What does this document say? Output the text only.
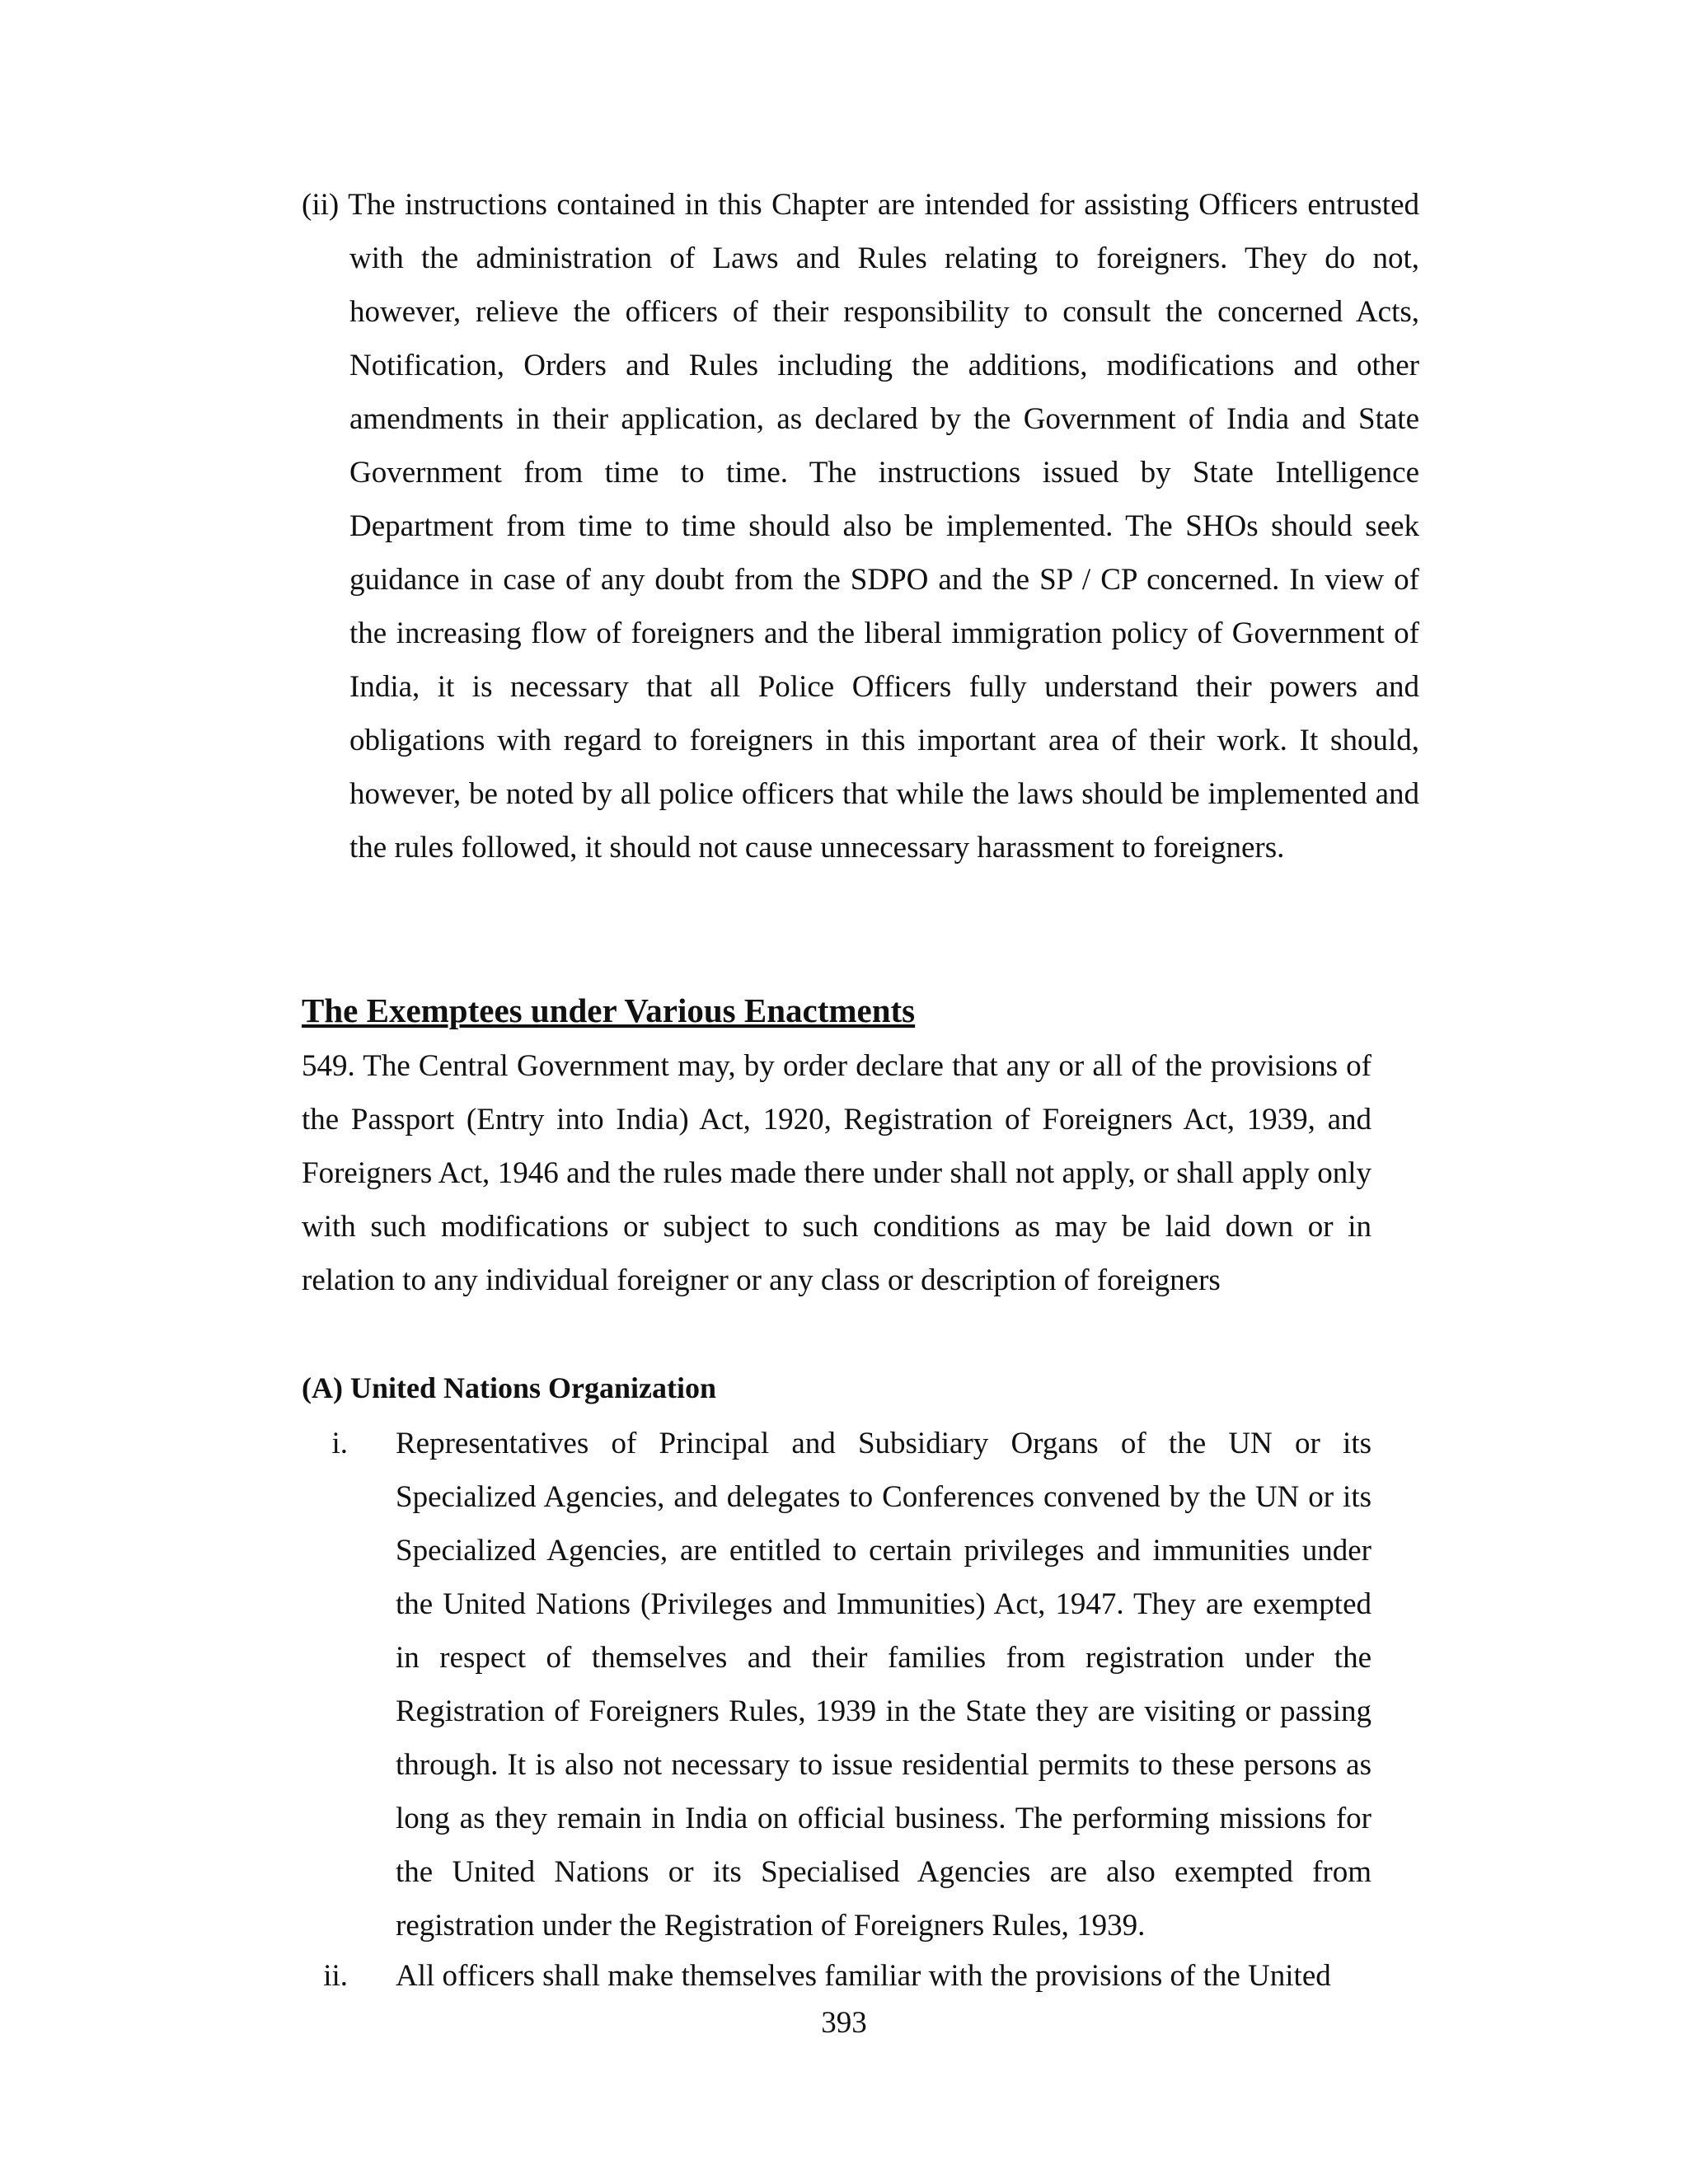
(ii) The instructions contained in this Chapter are intended for assisting Officers entrusted with the administration of Laws and Rules relating to foreigners. They do not, however, relieve the officers of their responsibility to consult the concerned Acts, Notification, Orders and Rules including the additions, modifications and other amendments in their application, as declared by the Government of India and State Government from time to time. The instructions issued by State Intelligence Department from time to time should also be implemented. The SHOs should seek guidance in case of any doubt from the SDPO and the SP / CP concerned. In view of the increasing flow of foreigners and the liberal immigration policy of Government of India, it is necessary that all Police Officers fully understand their powers and obligations with regard to foreigners in this important area of their work. It should, however, be noted by all police officers that while the laws should be implemented and the rules followed, it should not cause unnecessary harassment to foreigners.

The Exemptees under Various Enactments

549. The Central Government may, by order declare that any or all of the provisions of the Passport (Entry into India) Act, 1920, Registration of Foreigners Act, 1939, and Foreigners Act, 1946 and the rules made there under shall not apply, or shall apply only with such modifications or subject to such conditions as may be laid down or in relation to any individual foreigner or any class or description of foreigners

(A) United Nations Organization
i. Representatives of Principal and Subsidiary Organs of the UN or its Specialized Agencies, and delegates to Conferences convened by the UN or its Specialized Agencies, are entitled to certain privileges and immunities under the United Nations (Privileges and Immunities) Act, 1947. They are exempted in respect of themselves and their families from registration under the Registration of Foreigners Rules, 1939 in the State they are visiting or passing through. It is also not necessary to issue residential permits to these persons as long as they remain in India on official business. The performing missions for the United Nations or its Specialised Agencies are also exempted from registration under the Registration of Foreigners Rules, 1939.
ii. All officers shall make themselves familiar with the provisions of the United

393
